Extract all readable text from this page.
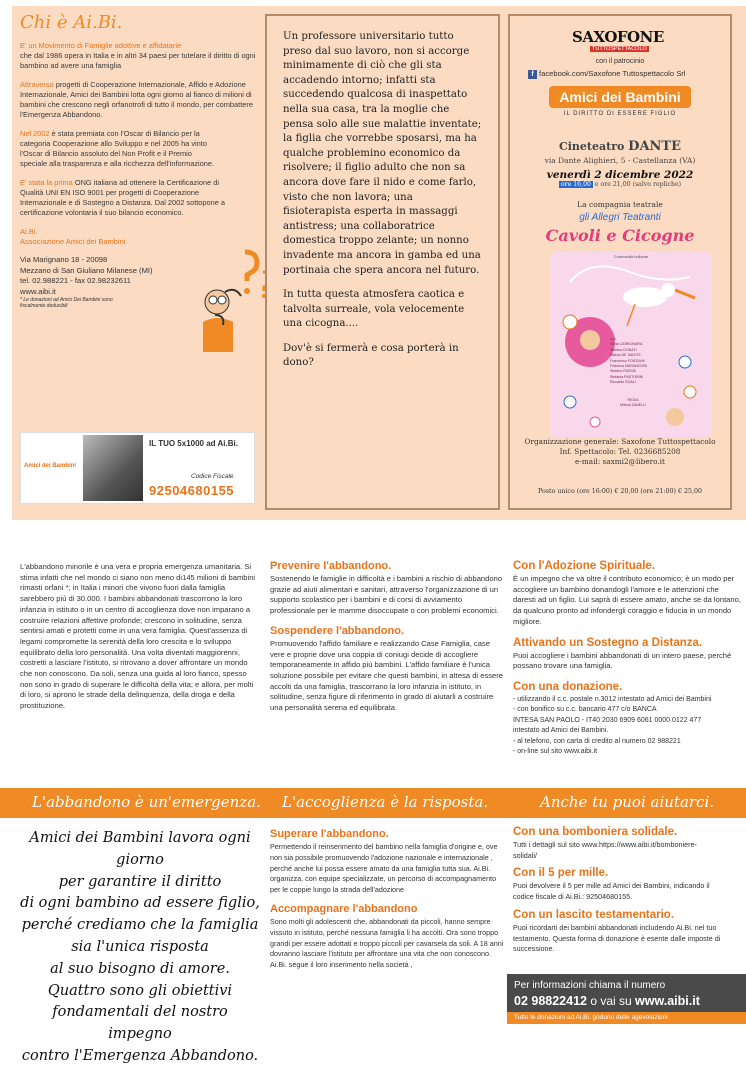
Chi è Ai.Bi.

E' un Movimento di Famiglie adottive e affidatarie
che dal 1986 opera in Italia e in altri 34 paesi per tutelare il diritto di ogni bambino ad avere una famiglia

Attraverso progetti di Cooperazione Internazionale, Affido e Adozione Internazionale, Amici dei Bambini lotta ogni giorno al fianco di milioni di bambini che crescono negli orfanotrofi di tutto il mondo, per combattere l'Emergenza Abbandono.

Nel 2002 è stata premiata con l'Oscar di Bilancio per la categoria Cooperazione allo Sviluppo e nel 2005 ha vinto l'Oscar di Bilancio assoluto del Non Profit e il Premio speciale alla trasparenza e alla ricchezza dell'informazione.

E' stata la prima ONG italiana ad ottenere la Certificazione di Qualità UNI EN ISO 9001 per progetti di Cooperazione Internazionale e di Sostegno a Distanza. Dal 2002 sottopone a certificazione volontaria il suo bilancio economico.

Ai.Bi.
Associazione Amici dei Bambini
Via Marignano 18 - 20098
Mezzano di San Giuliano Milanese (MI)
tel. 02.988221 - fax 02.98232611
www.aibi.it
* Le donazioni ad Amici Dei Bambini sono fiscalmente deducibili
Amici dei Bambini
IL TUO 5x1000 ad Ai.Bi.
Codice Fiscale
92504680155

Un professore universitario tutto preso dal suo lavoro, non si accorge minimamente di ciò che gli sta accadendo intorno; infatti sta succedendo qualcosa di inaspettato nella sua casa, tra la moglie che pensa solo alle sue malattie inventate; la figlia che vorrebbe sposarsi, ma ha qualche problemino economico da risolvere; il figlio adulto che non sa ancora dove fare il nido e come farlo, visto che non lavora; una fisioterapista esperta in massaggi antistress; una collaboratrice domestica troppo zelante; un nonno invadente ma ancora in gamba ed una portinaia che spera ancora nel futuro.

In tutta questa atmosfera caotica e talvolta surreale, vola velocemente una cicogna....

Dov'è si fermerà e cosa porterà in dono?

SAXOFONE
TUTTOSPETTACOLO
con il patrocinio
f facebook.com/Saxofone Tuttospettacolo Srl
Amici dei Bambini
IL DIRITTO DI ESSERE FIGLIO
Cineteatro DANTE
via Dante Alighieri, 5 - Castellanza (VA)
venerdì 2 dicembre 2022
ore 16,00 e ore 21,00 (salvo repliche)
La compagnia teatrale
gli Allegri Teatranti
Cavoli e Cicogne
Commedia brillante
con
Silvia CARBONARA
Stefano DONATI
Milena DE SANTIS
Francesco FORZIANI
Federica MARANGONI
Stefano PASSEI
Stefania PASTORINI
Riccardo SOALI
REGIA
Milena ZANELLI
Organizzazione generale: Saxofone Tuttospettacolo
Inf. Spettacolo: Tel. 0236685208
e-mail: saxmi2@libero.it
Posto unico (ore 16:00) € 20,00 (ore 21:00) € 25,00
L'abbandono minorile è una vera e propria emergenza umanitaria. Si stima infatti che nel mondo ci siano non meno di145 milioni di bambini rimasti orfani *; in Italia i minori che vivono fuori dalla famiglia sarebbero più di 30.000. I bambini abbandonati trascorrono la loro infanzia in istituto o in un centro di accoglienza dove non imparano a costruire relazioni affettive profonde; crescono in solitudine, senza sentirsi amati e protetti come in una vera famiglia. Quest'assenza di legami compromette la serenità della loro crescita e lo sviluppo equilibrato della loro personalità. Una volta diventati maggiorenni, costretti a lasciare l'istituto, si ritrovano a dover affrontare un mondo che non conoscono. Da soli, senza una guida al loro fianco, spesso non sono in grado di superare le difficoltà della vita; e allora, per molti di loro, si aprono le strade della delinquenza, della droga e della prostituzione.
Prevenire l'abbandono.
Sostenendo le famiglie in difficoltà e i bambini a rischio di abbandono grazie ad aiuti alimentari e sanitari, attraverso l'organizzazione di un supporto scolastico per i bambini e di corsi di avviamento professionale per le mamme disoccupate o con problemi economici.
Sospendere l'abbandono.
Promuovendo l'affido familiare e realizzando Case Famiglia, case vere e proprie dove una coppia di coniugi decide di accogliere temporaneamente in affido più bambini. L'affido familiare è l'unica soluzione possibile per evitare che questi bambini, in attesa di essere accolti da una famiglia, trascorrano la loro infanzia in istituto, in solitudine, senza figure di riferimento in grado di aiutarli a costruire una personalità serena ed equilibrata.
Con l'Adozione Spirituale.
È un impegno che va oltre il contributo economico; è un modo per accogliere un bambino donandogli l'amore e le attenzioni che daresti ad un figlio. Lui saprà di essere amato, anche se da lontano, da qualcuno pronto ad infondergli coraggio e fiducia in un mondo migliore.
Attivando un Sostegno a Distanza.
Puoi accogliere i bambini abbandonati di un intero paese, perché possano trovare una famiglia.
Con una donazione.
- utilizzando il c.c. postale n.3012 intestato ad Amici dei Bambini
- con bonifico su c.c. bancario 477 c/o BANCA
INTESA SAN PAOLO - IT40 2030 6909 6061 0000 0122 477
intestato ad Amici dei Bambini.
- al telefono, con carta di credito al numero 02 988221
- on-line sul sito www.aibi.it
L'abbandono è un'emergenza. L'accoglienza è la risposta.	Anche tu puoi aiutarci.
Amici dei Bambini lavora ogni giorno
per garantire il diritto
di ogni bambino ad essere figlio,
perché crediamo che la famiglia
sia l'unica risposta
al suo bisogno di amore.
Quattro sono gli obiettivi
fondamentali del nostro impegno
contro l'Emergenza Abbandono.
Superare l'abbandono.
Permettendo il reinserimento del bambino nella famiglia d'origine e, ove non sia possibile promuovendo l'adozione nazionale e internazionale , perché anche lui possa essere amato da una famiglia tutta sua. Ai.Bi. organizza, con equipe specializzate, un percorso di accompagnamento per le coppie lungo la strada dell'adozione
Accompagnare l'abbandono
Sono molti gli adolescenti che, abbandonati da piccoli, hanno sempre vissuto in istituto, perché nessuna famiglia li ha accolti. Ora sono troppo grandi per essere adottati e troppo piccoli per cavarsela da soli. A 18 anni dovranno lasciare l'istituto per affrontare una vita che non conoscono. Ai.Bi. segue il loro inserimento nella società ,
Con una bomboniera solidale.
Tutti i dettagli sul sito www.https://www.aibi.it/bomboniere-solidali/
Con il 5 per mille.
Puoi devolvere il 5 per mille ad Amici dei Bambini, indicando il codice fiscale di Ai.Bi.: 92504680155.
Con un lascito testamentario.
Puoi ricordarti dei bambini abbandonati includendo Ai.Bi. nel tuo testamento. Questa forma di donazione è esente dalle imposte di successione.
Per informazioni chiama il numero
02 98822412 o vai su www.aibi.it
Tutte le donazioni ad Ai.Bi. godono delle agevolazioni
